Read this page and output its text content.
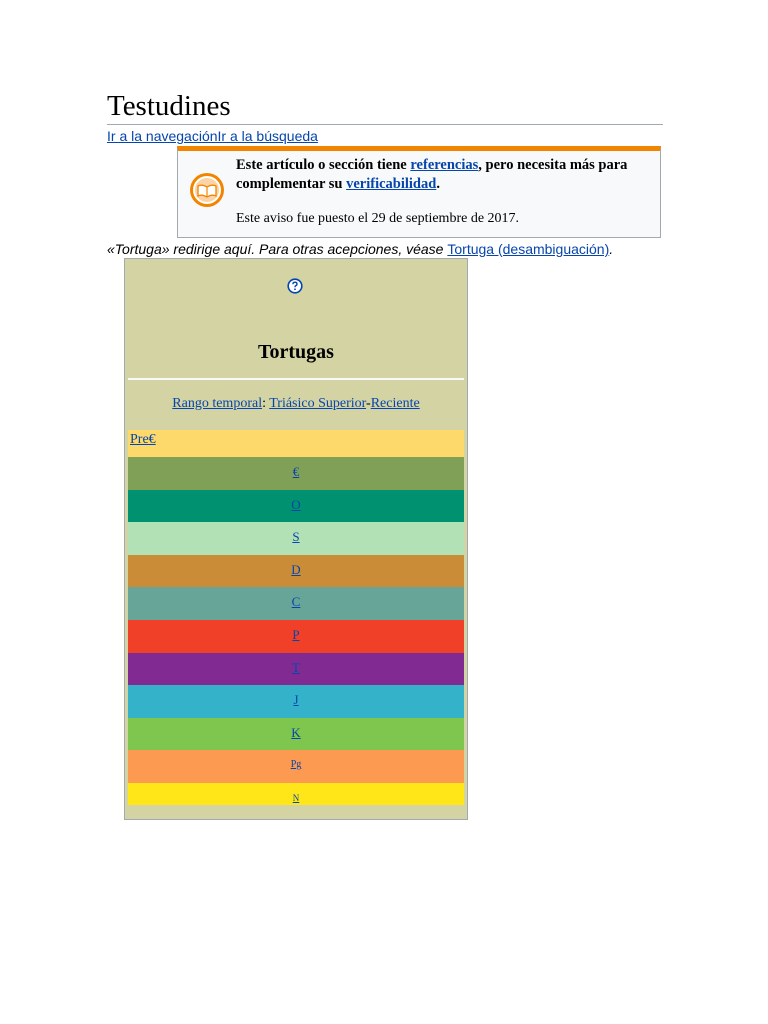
Testudines
Ir a la navegaciónIr a la búsqueda
Este artículo o sección tiene referencias, pero necesita más para complementar su verificabilidad.
Este aviso fue puesto el 29 de septiembre de 2017.
«Tortuga» redirige aquí. Para otras acepciones, véase Tortuga (desambiguación).
Tortugas
Rango temporal: Triásico Superior-Reciente
Pre€
€
O
S
D
C
P
T
J
K
Pg
N
